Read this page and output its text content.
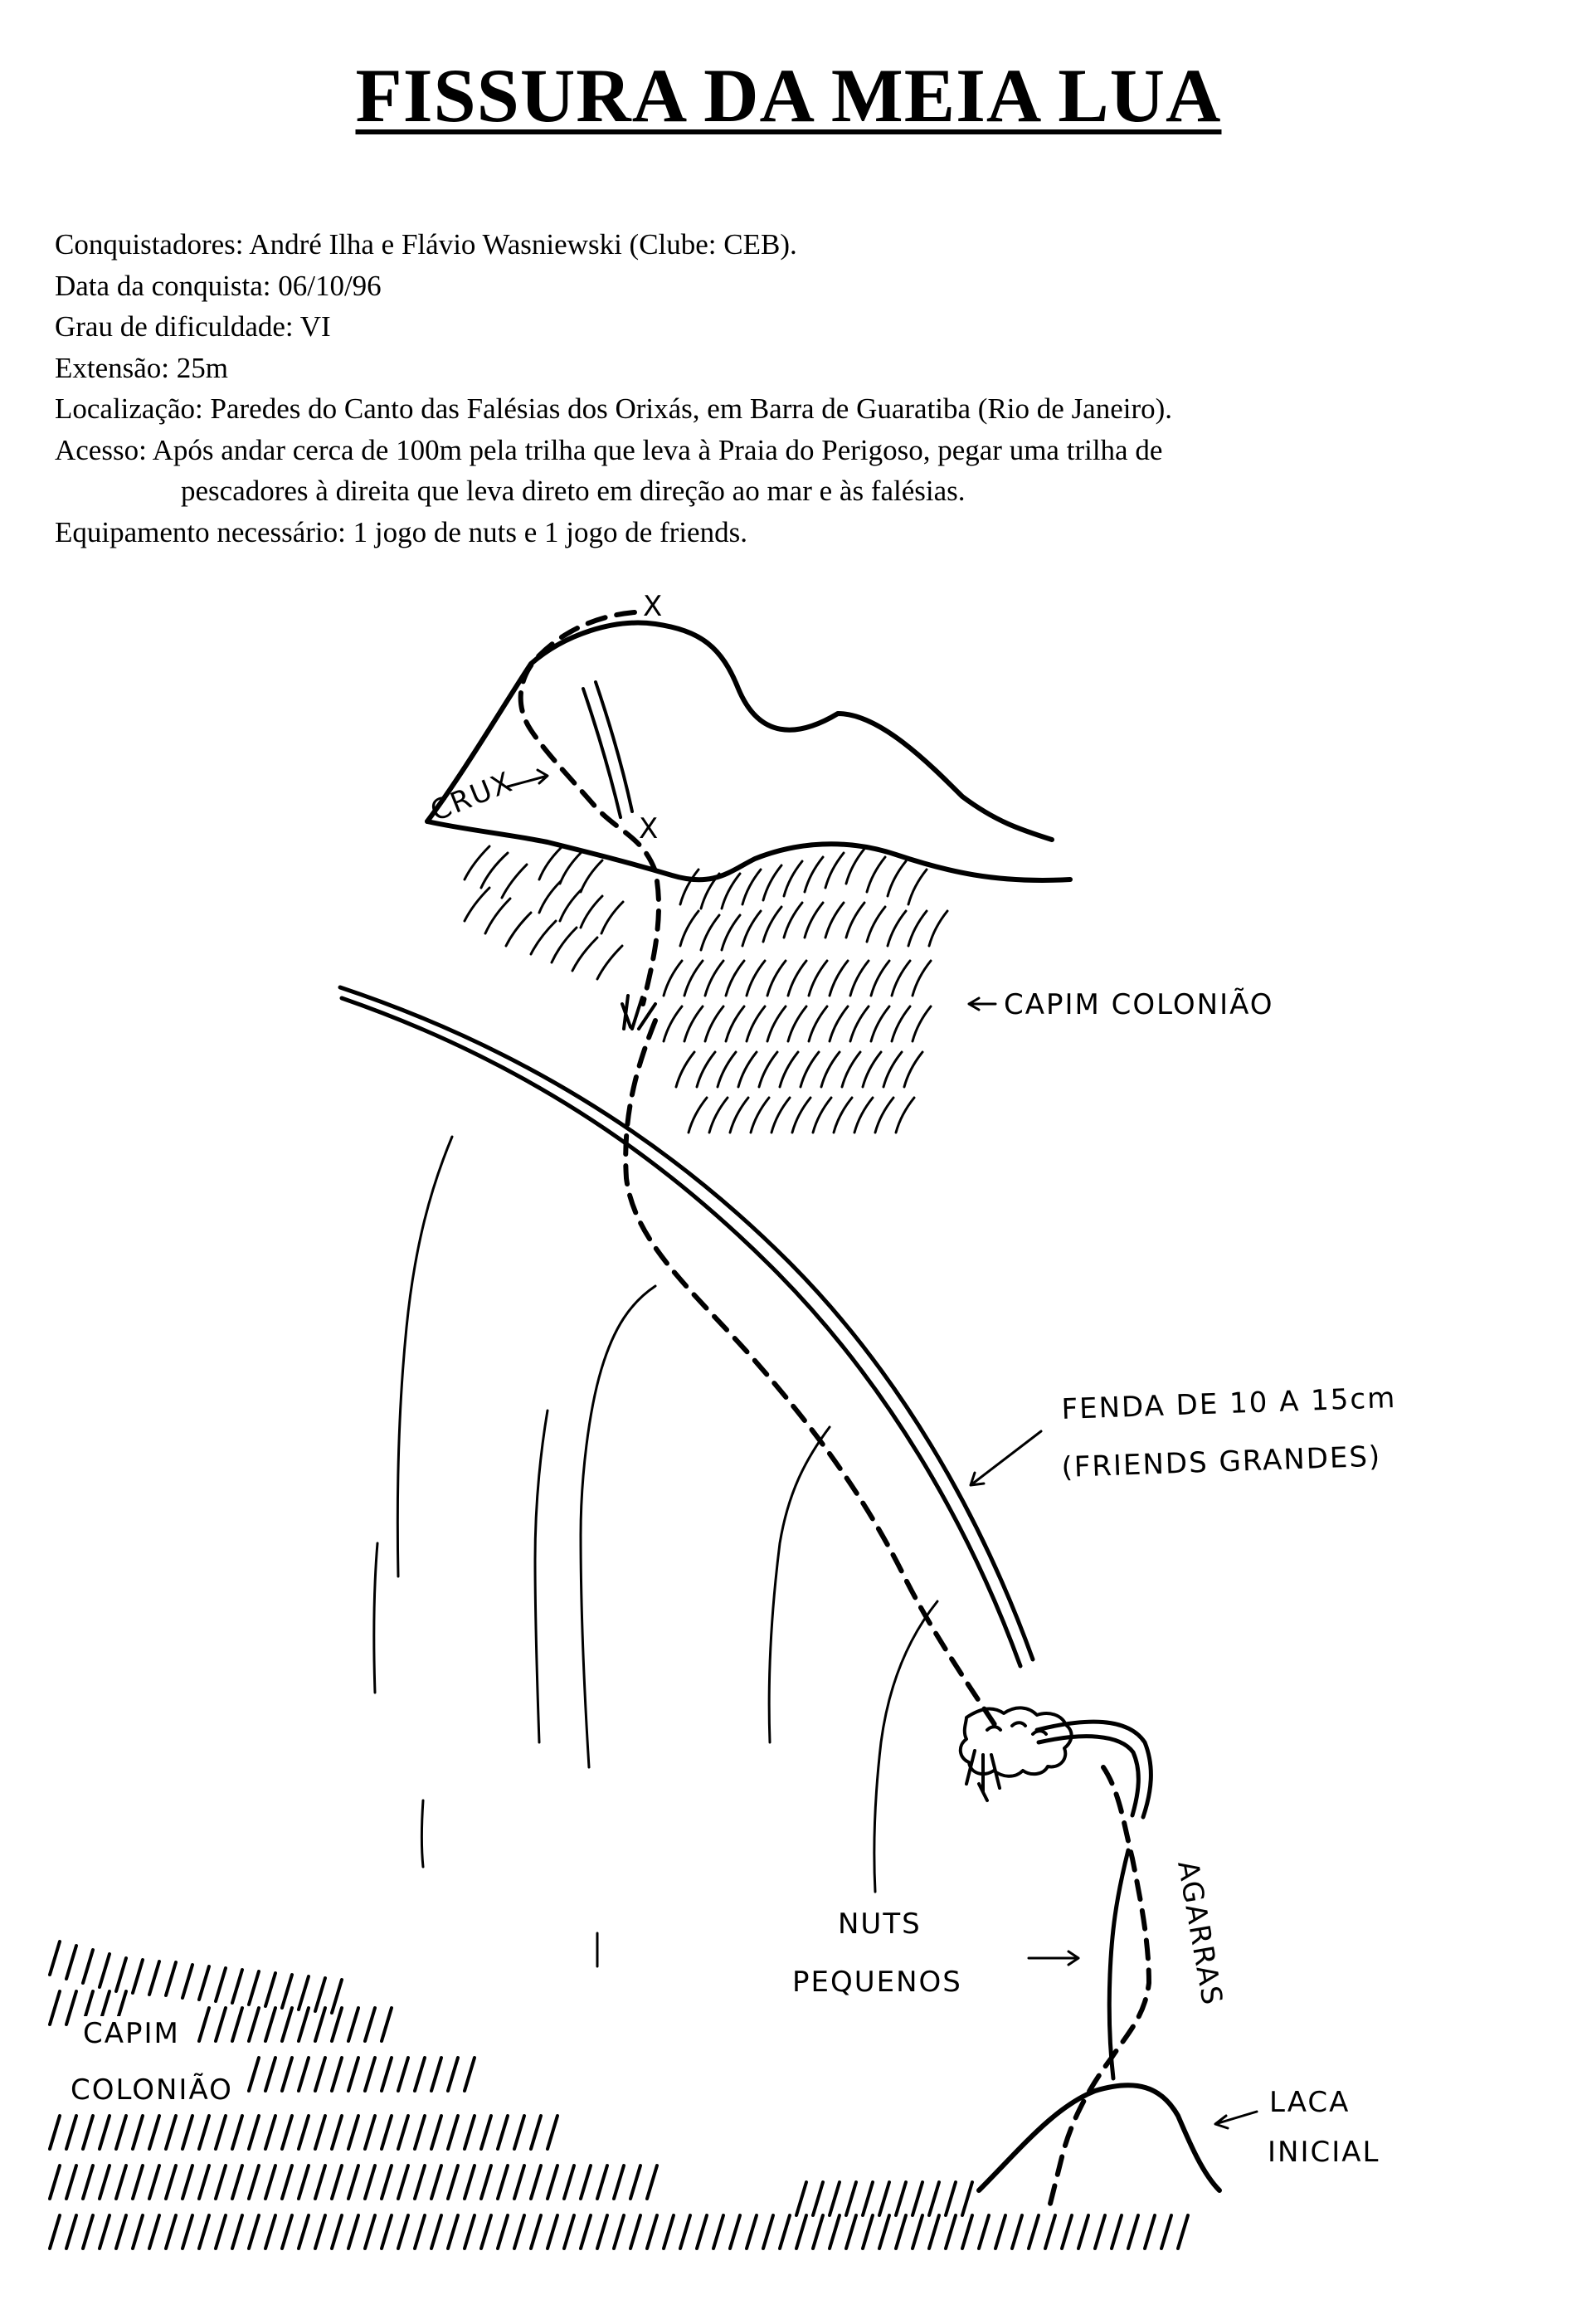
FISSURA DA MEIA LUA
Conquistadores: André Ilha e Flávio Wasniewski (Clube: CEB).
Data da conquista: 06/10/96
Grau de dificuldade: VI
Extensão: 25m
Localização: Paredes do Canto das Falésias dos Orixás, em Barra de Guaratiba (Rio de Janeiro).
Acesso: Após andar cerca de 100m pela trilha que leva à Praia do Perigoso, pegar uma trilha de
pescadores à direita que leva direto em direção ao mar e às falésias.
Equipamento necessário: 1 jogo de nuts e 1 jogo de friends.
X
X
CRUX
CAPIM COLONIÃO
FENDA DE 10 A 15cm
(FRIENDS GRANDES)
NUTS
PEQUENOS	AGARRAS
LACA
INICIAL
CAPIM
COLONIÃO
